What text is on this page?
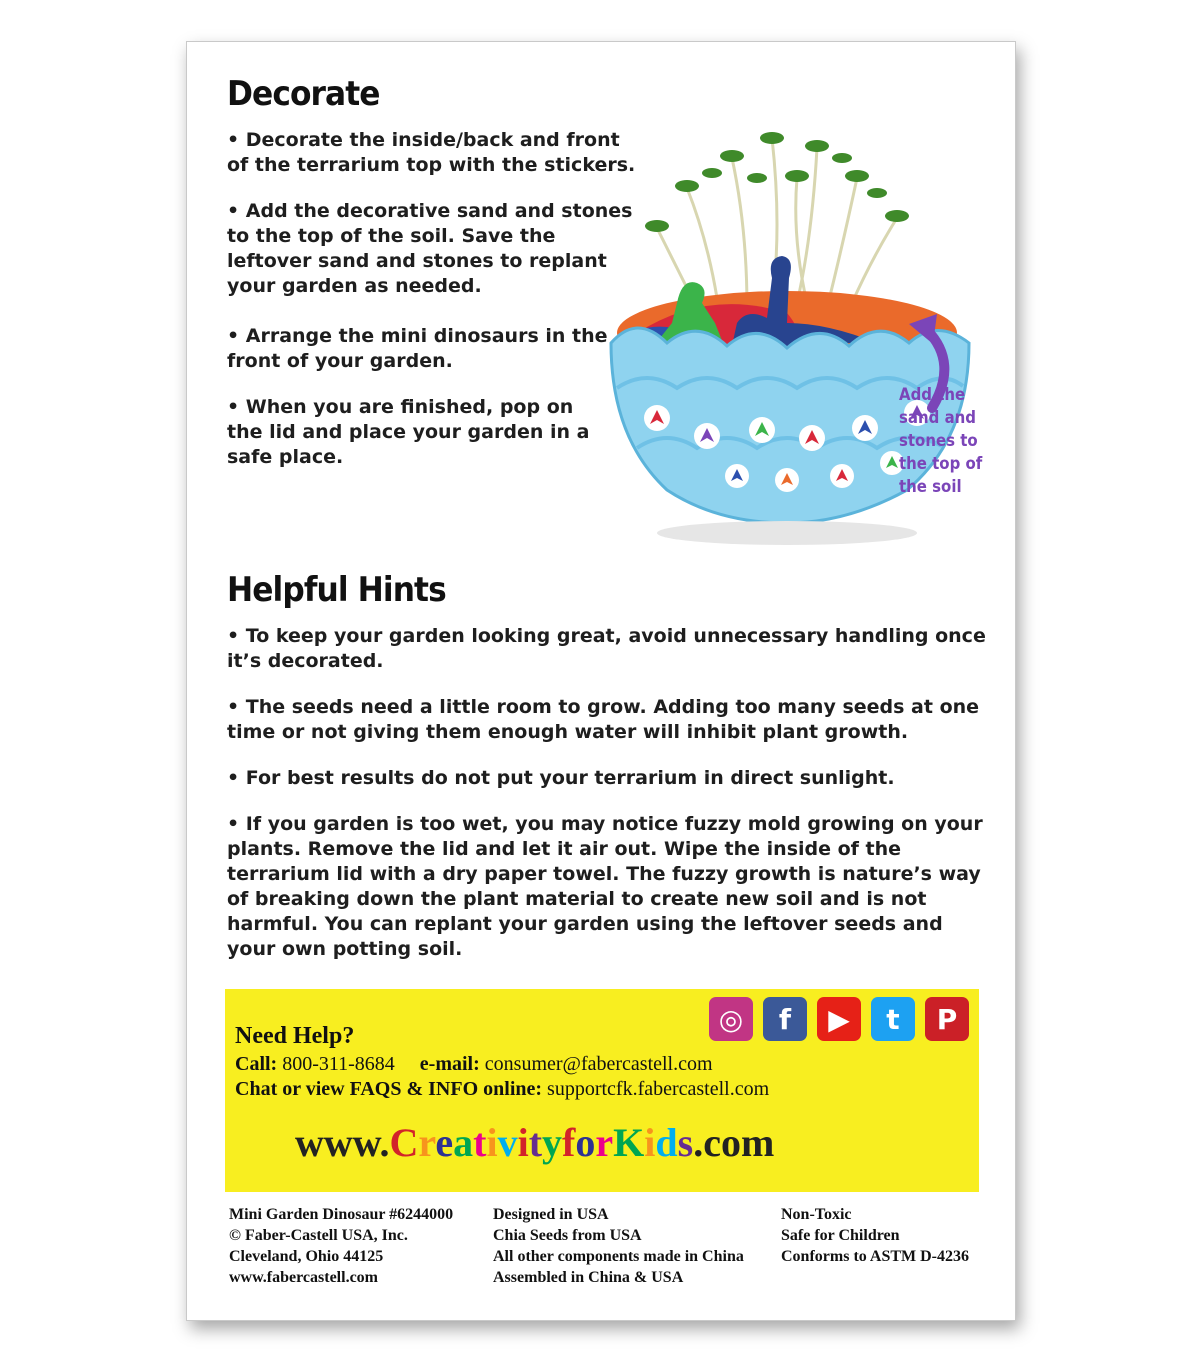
Decorate

• Decorate the inside/back and front of the terrarium top with the stickers.

• Add the decorative sand and stones to the top of the soil. Save the leftover sand and stones to replant your garden as needed.

• Arrange the mini dinosaurs in the front of your garden.

• When you are finished, pop on the lid and place your garden in a safe place.

Add the sand and stones to the top of the soil

Helpful Hints

• To keep your garden looking great, avoid unnecessary handling once it’s decorated.

• The seeds need a little room to grow. Adding too many seeds at one time or not giving them enough water will inhibit plant growth.

• For best results do not put your terrarium in direct sunlight.

• If you garden is too wet, you may notice fuzzy mold growing on your plants. Remove the lid and let it air out. Wipe the inside of the terrarium lid with a dry paper towel. The fuzzy growth is nature’s way of breaking down the plant material to create new soil and is not harmful. You can replant your garden using the leftover seeds and your own potting soil.

◎	f	▶	t	P

Need Help?

Call: 800-311-8684 e-mail: consumer@fabercastell.com

Chat or view FAQS & INFO online: supportcfk.fabercastell.com

www.CreativityforKids.com

Mini Garden Dinosaur #6244000
© Faber-Castell USA, Inc.
Cleveland, Ohio 44125
www.fabercastell.com
Designed in USA
Chia Seeds from USA
All other components made in China
Assembled in China & USA
Non-Toxic
Safe for Children
Conforms to ASTM D-4236
